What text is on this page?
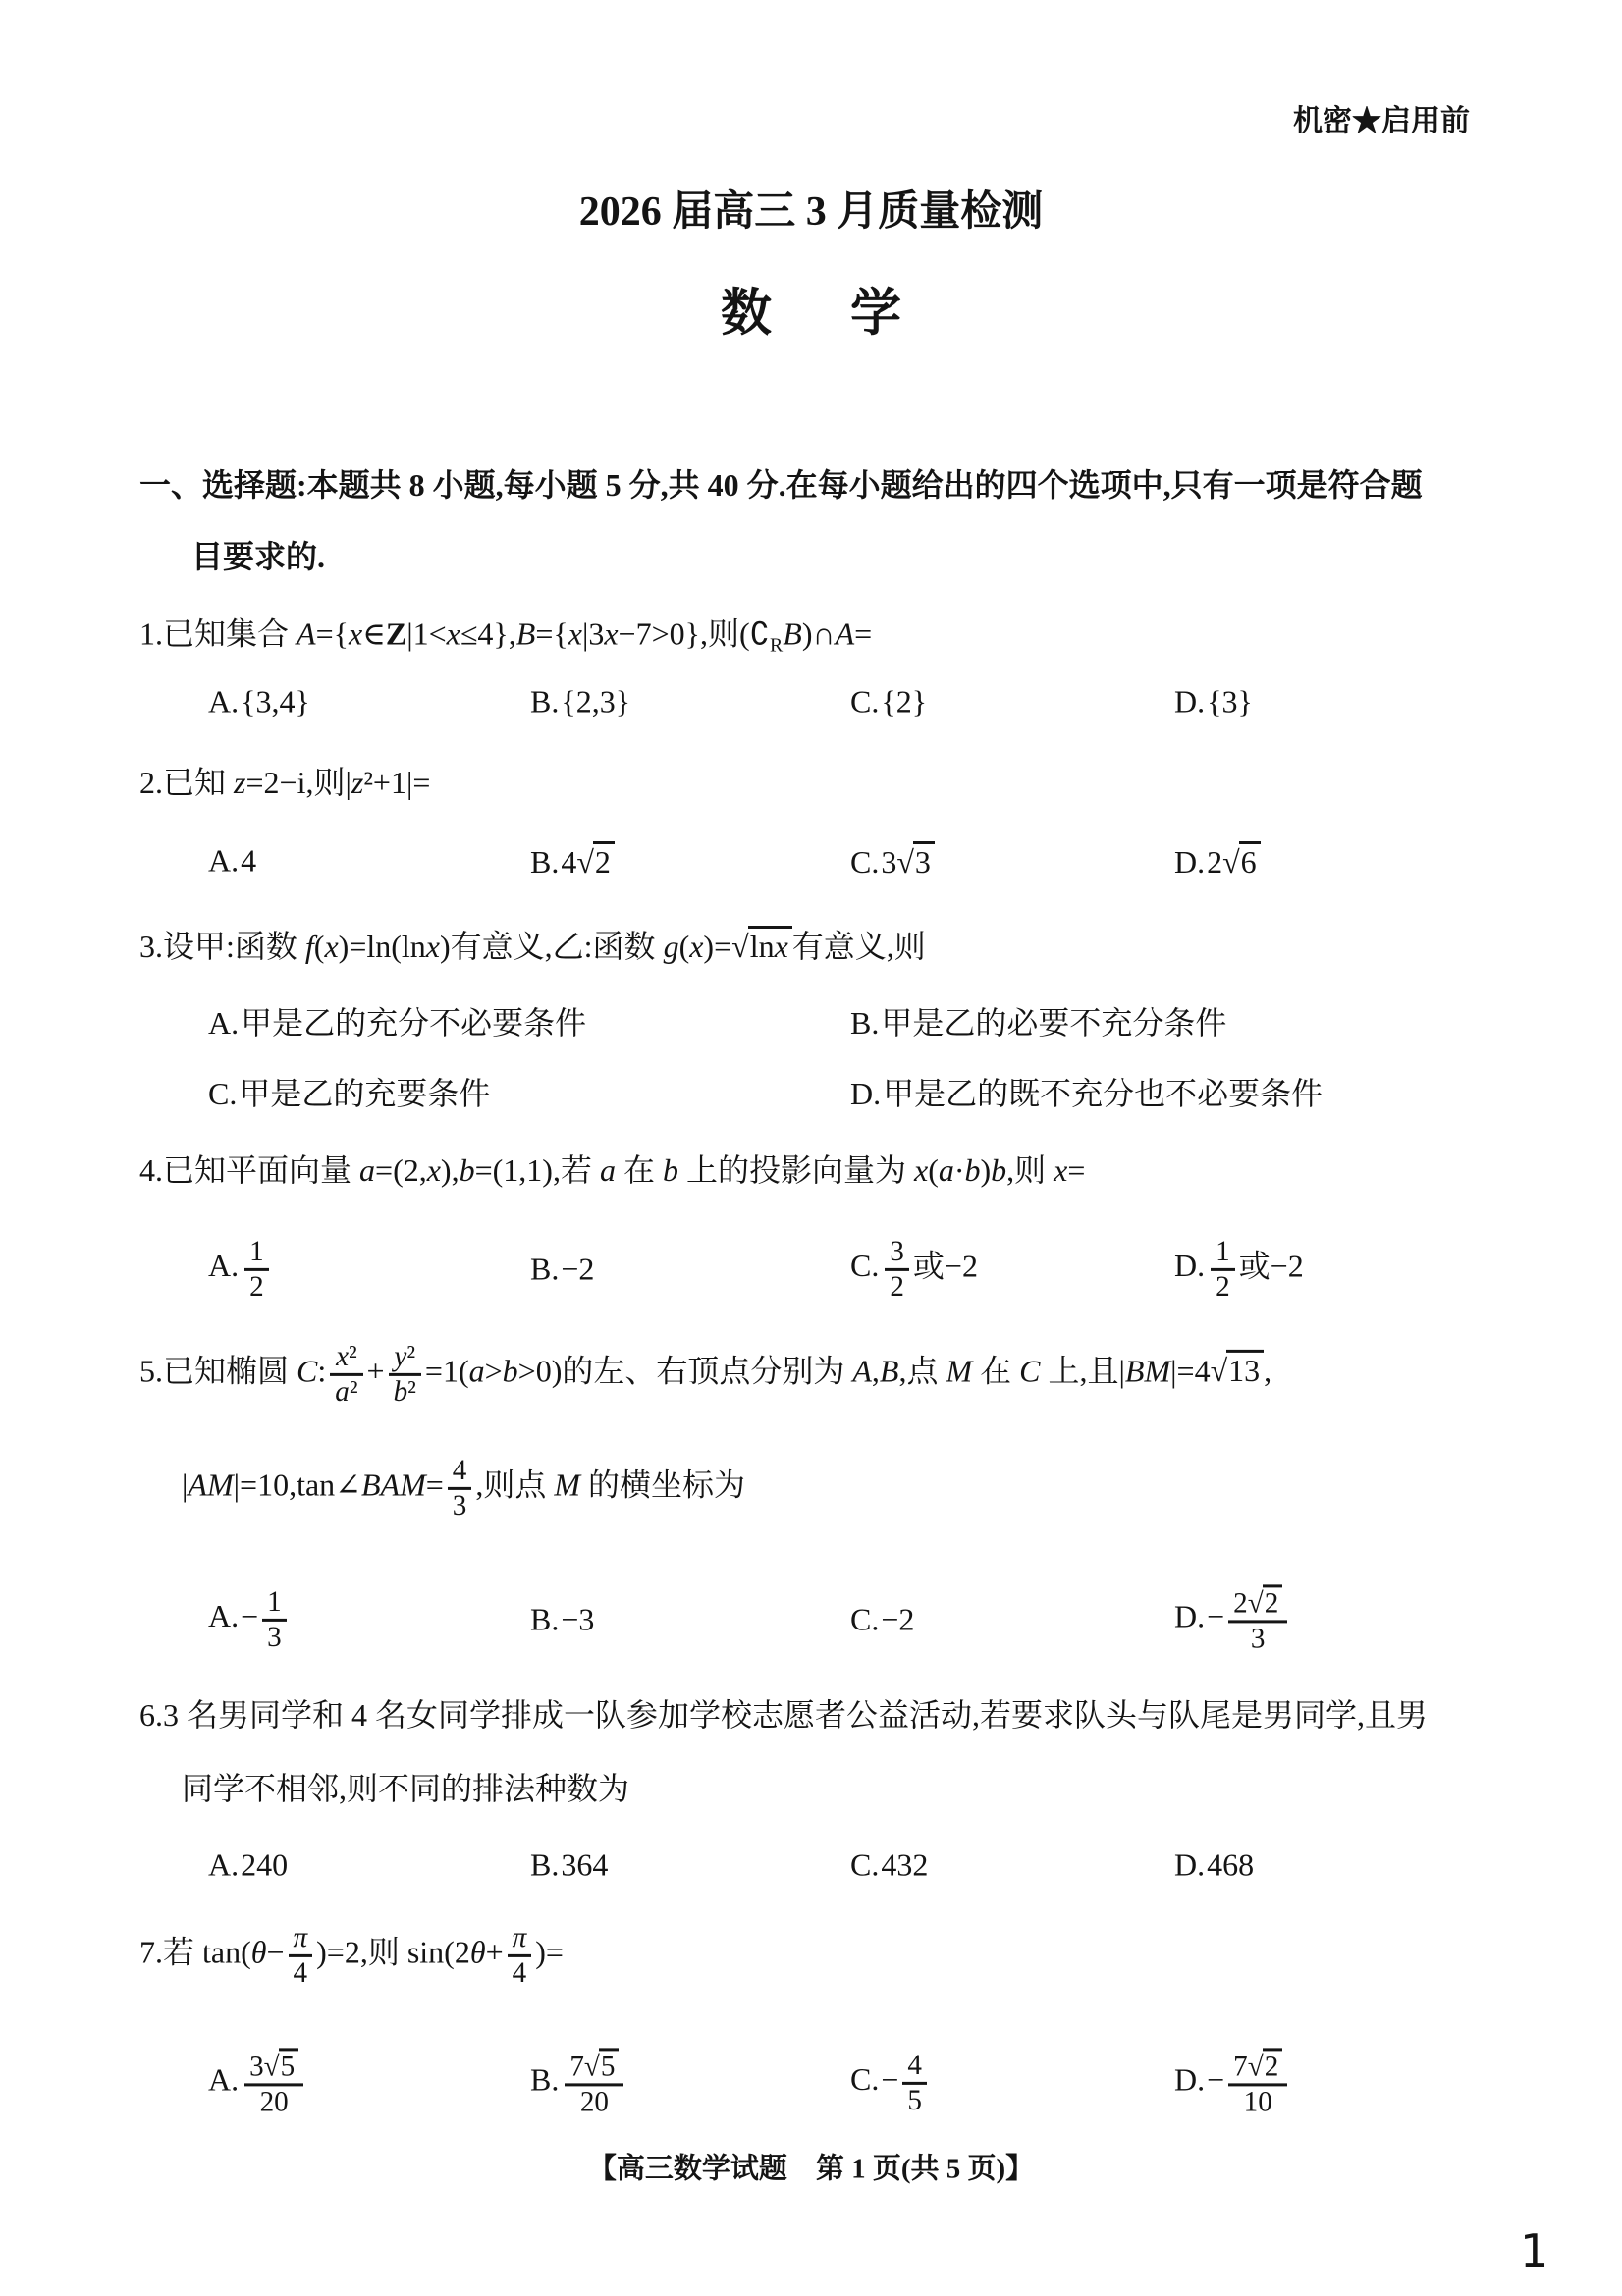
机密★启用前
2026 届高三 3 月质量检测
数　学
一、选择题:本题共 8 小题,每小题 5 分,共 40 分.在每小题给出的四个选项中,只有一项是符合题
目要求的.
1.已知集合 A={x∈Z|1<x≤4},B={x|3x−7>0},则$(∁_RB)\cap A=$
A.{3,4}	B.{2,3}	C.{2}	D.{3}
2.已知 z=2−i,则|z²+1|=
A.4	B.4√2	C.3√3	D.2√6
3.设甲:函数 f(x)=ln(lnx)有意义,乙:函数 g(x)=√lnx 有意义,则
A.甲是乙的充分不必要条件	B.甲是乙的必要不充分条件
C.甲是乙的充要条件	D.甲是乙的既不充分也不必要条件
4.已知平面向量 a=(2,x),b=(1,1),若 a 在 b 上的投影向量为 x(a·b)b,则 x=
A. $\frac{1}{2}$	B.−2	C. $\frac{3}{2}$ 或−2	D. $\frac{1}{2}$ 或−2
5.已知椭圆 C: $\frac{\text{x²}}{\text{a²}} + \frac{\text{y²}}{\text{b²}} =1(a>b>0)$的左、右顶点分别为 A,B,点 M 在 C 上,且|BM|=4√13 ,
|AM|=10,tan∠BAM= $\frac{4}{3}$ ,则点 M 的横坐标为
$A.- \frac{1}{3}$	B.−3	C.−2	$D.- \frac{2√2}{3}$
6.3 名男同学和 4 名女同学排成一队参加学校志愿者公益活动,若要求队头与队尾是男同学,且男
同学不相邻,则不同的排法种数为
A.240	B.364	C.432	D.468
7.若 $\tan(\theta- \frac{\pi}{4} )=2$,则 $\sin(2\theta+ \frac{\pi}{4}$ )=
A. $\frac{3√5}{20}$	B. $\frac{7√5}{20}$	$C.- \frac{4}{5}$	$D.- \frac{7√2}{10}$
【高三数学试题　第 1 页(共 5 页)】
1
